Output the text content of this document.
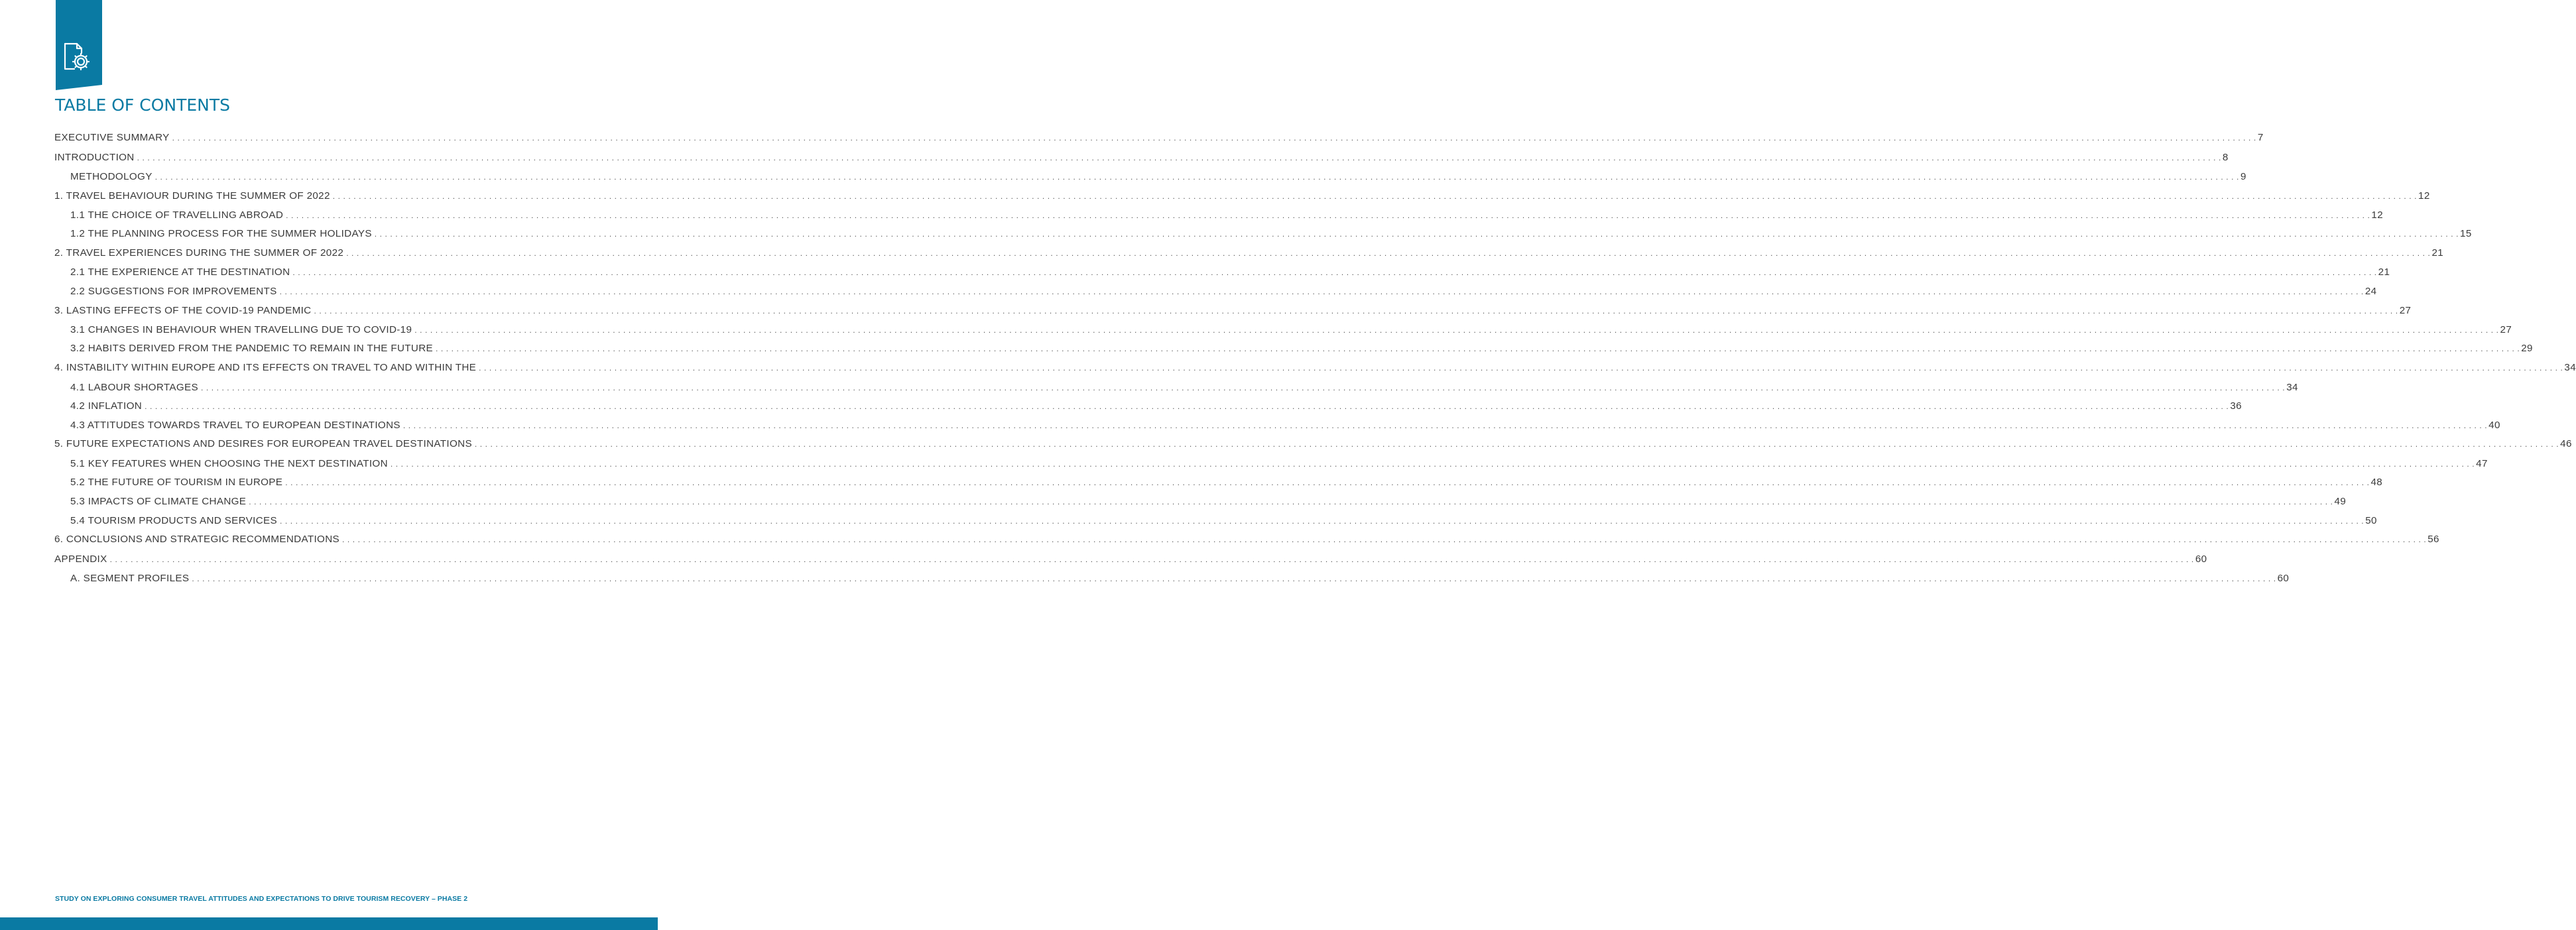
TABLE OF CONTENTS
EXECUTIVE SUMMARY . . . . . . . . . . . . . . . . . . . . . . . . . . . . . . . . . . . . . . . . . . . . . . . . . . . . . . . . . . . . . . . . . . . . . . . . . . . . . . . . . . . . . . . . . . . . . . . . . . . . . . . . . . . . . . . . . . . . . . . . . . . . . . . . . . . . . . . . . . . . . . . . . . . . . . . . . . . . . . . . . . . . . . . . . . . . . . . . . . . . . . . . . . . . . . . . . . . . . . . . . . . . . . . . . . . . . . . . . . . . . . . . . . . . . . . . . . . . . . . . . . . . . . . . . . . . . . . . . . . . . . . . . . . . . . . . . . . . . . . . . . . . . . . . . . . . . . . . . . . . . . . . . . . . . . . . . . . . . . . . . . . . . . . . . . . . . . . . . . . . . . . . . . . . . . . . . . . . . . . . . . . . . . . . . . . . . . . . . . . . . . . . . . . . . . . . . . . . . . . . 7
INTRODUCTION . . . . . . . . . . . . . . . . . . . . . . . . . . . . . . . . . . . . . . . . . . . . . . . . . . . . . . . . . . . . . . . . . . . . . . . . . . . . . . . . . . . . . . . . . . . . . . . . . . . . . . . . . . . . . . . . . . . . . . . . . . . . . . . . . . . . . . . . . . . . . . . . . . . . . . . . . . . . . . . . . . . . . . . . . . . . . . . . . . . . . . . . . . . . . . . . . . . . . . . . . . . . . . . . . . . . . . . . . . . . . . . . . . . . . . . . . . . . . . . . . . . . . . . . . . . . . . . . . . . . . . . . . . . . . . . . . . . . . . . . . . . . . . . . . . . . . . . . . . . . . . . . . . . . . . . . . . . . . . . . . . . . . . . . . . . . . . . . . . . . . . . . . . . . . . . . . . . . . . . . . . . . . . . . . . . . . . . . . . . . . . . . . . . . . . . . . . . . . . . . 8
METHODOLOGY . . . . . . . . . . . . . . . . . . . . . . . . . . . . . . . . . . . . . . . . . . . . . . . . . . . . . . . . . . . . . . . . . . . . . . . . . . . . . . . . . . . . . . . . . . . . . . . . . . . . . . . . . . . . . . . . . . . . . . . . . . . . . . . . . . . . . . . . . . . . . . . . . . . . . . . . . . . . . . . . . . . . . . . . . . . . . . . . . . . . . . . . . . . . . . . . . . . . . . . . . . . . . . . . . . . . . . . . . . . . . . . . . . . . . . . . . . . . . . . . . . . . . . . . . . . . . . . . . . . . . . . . . . . . . . . . . . . . . . . . . . . . . . . . . . . . . . . . . . . . . . . . . . . . . . . . . . . . . . . . . . . . . . . . . . . . . . . . . . . . . . . . . . . . . . . . . . . . . . . . . . . . . . . . . . . . . . . . . . . . . . . . . . . . . . . . . . . . . . . . 9
1. TRAVEL BEHAVIOUR DURING THE SUMMER OF 2022 . . . . . . . . . . . . . . . . . . . . . . . . . . . . . . . . . . . . . . . . . . . . . . . . . . . . . . . . . . . . . . . . . . . . . . . . . . . . . . . . . . . . . . . . . . . . . . . . . . . . . . . . . . . . . . . . . . . . . . . . . . . . . . . . . . . . . . . . . . . . . . . . . . . . . . . . . . . . . . . . . . . . . . . . . . . . . . . . . . . . . . . . . . . . . . . . . . . . . . . . . . . . . . . . . . . . . . . . . . . . . . . . . . . . . . . . . . . . . . . . . . . . . . . . . . . . . . . . . . . . . . . . . . . . . . . . . . . . . . . . . . . . . . . . . . . . . . . . . . . . . . . . . . . . . . . . . . . . . . . . . . . . . . . . . . . . . . . . . . . . . . . . . . . . . . . . . . . . . . . . . . . . . . . . . . . . . . . . . . . . . . . . . . . . . . . . . . . . . . . . 12
1.1 THE CHOICE OF TRAVELLING ABROAD . . . . . . . . . . . . . . . . . . . . . . . . . . . . . . . . . . . . . . . . . . . . . . . . . . . . . . . . . . . . . . . . . . . . . . . . . . . . . . . . . . . . . . . . . . . . . . . . . . . . . . . . . . . . . . . . . . . . . . . . . . . . . . . . . . . . . . . . . . . . . . . . . . . . . . . . . . . . . . . . . . . . . . . . . . . . . . . . . . . . . . . . . . . . . . . . . . . . . . . . . . . . . . . . . . . . . . . . . . . . . . . . . . . . . . . . . . . . . . . . . . . . . . . . . . . . . . . . . . . . . . . . . . . . . . . . . . . . . . . . . . . . . . . . . . . . . . . . . . . . . . . . . . . . . . . . . . . . . . . . . . . . . . . . . . . . . . . . . . . . . . . . . . . . . . . . . . . . . . . . . . . . . . . . . . . . . . . . . . . . . . . . . . . . . . . . . . . . . . . . 12
1.2 THE PLANNING PROCESS FOR THE SUMMER HOLIDAYS . . . . . . . . . . . . . . . . . . . . . . . . . . . . . . . . . . . . . . . . . . . . . . . . . . . . . . . . . . . . . . . . . . . . . . . . . . . . . . . . . . . . . . . . . . . . . . . . . . . . . . . . . . . . . . . . . . . . . . . . . . . . . . . . . . . . . . . . . . . . . . . . . . . . . . . . . . . . . . . . . . . . . . . . . . . . . . . . . . . . . . . . . . . . . . . . . . . . . . . . . . . . . . . . . . . . . . . . . . . . . . . . . . . . . . . . . . . . . . . . . . . . . . . . . . . . . . . . . . . . . . . . . . . . . . . . . . . . . . . . . . . . . . . . . . . . . . . . . . . . . . . . . . . . . . . . . . . . . . . . . . . . . . . . . . . . . . . . . . . . . . . . . . . . . . . . . . . . . . . . . . . . . . . . . . . . . . . . . . . . . . . . . . . . . . . . . . . . . . . . 15
2. TRAVEL EXPERIENCES DURING THE SUMMER OF 2022 . . . . . . . . . . . . . . . . . . . . . . . . . . . . . . . . . . . . . . . . . . . . . . . . . . . . . . . . . . . . . . . . . . . . . . . . . . . . . . . . . . . . . . . . . . . . . . . . . . . . . . . . . . . . . . . . . . . . . . . . . . . . . . . . . . . . . . . . . . . . . . . . . . . . . . . . . . . . . . . . . . . . . . . . . . . . . . . . . . . . . . . . . . . . . . . . . . . . . . . . . . . . . . . . . . . . . . . . . . . . . . . . . . . . . . . . . . . . . . . . . . . . . . . . . . . . . . . . . . . . . . . . . . . . . . . . . . . . . . . . . . . . . . . . . . . . . . . . . . . . . . . . . . . . . . . . . . . . . . . . . . . . . . . . . . . . . . . . . . . . . . . . . . . . . . . . . . . . . . . . . . . . . . . . . . . . . . . . . . . . . . . . . . . . . . . . . . . . . . . . 21
2.1 THE EXPERIENCE AT THE DESTINATION . . . . . . . . . . . . . . . . . . . . . . . . . . . . . . . . . . . . . . . . . . . . . . . . . . . . . . . . . . . . . . . . . . . . . . . . . . . . . . . . . . . . . . . . . . . . . . . . . . . . . . . . . . . . . . . . . . . . . . . . . . . . . . . . . . . . . . . . . . . . . . . . . . . . . . . . . . . . . . . . . . . . . . . . . . . . . . . . . . . . . . . . . . . . . . . . . . . . . . . . . . . . . . . . . . . . . . . . . . . . . . . . . . . . . . . . . . . . . . . . . . . . . . . . . . . . . . . . . . . . . . . . . . . . . . . . . . . . . . . . . . . . . . . . . . . . . . . . . . . . . . . . . . . . . . . . . . . . . . . . . . . . . . . . . . . . . . . . . . . . . . . . . . . . . . . . . . . . . . . . . . . . . . . . . . . . . . . . . . . . . . . . . . . . . . . . . . . . . . . . 21
2.2 SUGGESTIONS FOR IMPROVEMENTS . . . . . . . . . . . . . . . . . . . . . . . . . . . . . . . . . . . . . . . . . . . . . . . . . . . . . . . . . . . . . . . . . . . . . . . . . . . . . . . . . . . . . . . . . . . . . . . . . . . . . . . . . . . . . . . . . . . . . . . . . . . . . . . . . . . . . . . . . . . . . . . . . . . . . . . . . . . . . . . . . . . . . . . . . . . . . . . . . . . . . . . . . . . . . . . . . . . . . . . . . . . . . . . . . . . . . . . . . . . . . . . . . . . . . . . . . . . . . . . . . . . . . . . . . . . . . . . . . . . . . . . . . . . . . . . . . . . . . . . . . . . . . . . . . . . . . . . . . . . . . . . . . . . . . . . . . . . . . . . . . . . . . . . . . . . . . . . . . . . . . . . . . . . . . . . . . . . . . . . . . . . . . . . . . . . . . . . . . . . . . . . . . . . . . . . . . . . . . . . . 24
3. LASTING EFFECTS OF THE COVID-19 PANDEMIC . . . . . . . . . . . . . . . . . . . . . . . . . . . . . . . . . . . . . . . . . . . . . . . . . . . . . . . . . . . . . . . . . . . . . . . . . . . . . . . . . . . . . . . . . . . . . . . . . . . . . . . . . . . . . . . . . . . . . . . . . . . . . . . . . . . . . . . . . . . . . . . . . . . . . . . . . . . . . . . . . . . . . . . . . . . . . . . . . . . . . . . . . . . . . . . . . . . . . . . . . . . . . . . . . . . . . . . . . . . . . . . . . . . . . . . . . . . . . . . . . . . . . . . . . . . . . . . . . . . . . . . . . . . . . . . . . . . . . . . . . . . . . . . . . . . . . . . . . . . . . . . . . . . . . . . . . . . . . . . . . . . . . . . . . . . . . . . . . . . . . . . . . . . . . . . . . . . . . . . . . . . . . . . . . . . . . . . . . . . . . . . . . . . . . . . . . . . . . . . . 27
3.1 CHANGES IN BEHAVIOUR WHEN TRAVELLING DUE TO COVID-19 . . . . . . . . . . . . . . . . . . . . . . . . . . . . . . . . . . . . . . . . . . . . . . . . . . . . . . . . . . . . . . . . . . . . . . . . . . . . . . . . . . . . . . . . . . . . . . . . . . . . . . . . . . . . . . . . . . . . . . . . . . . . . . . . . . . . . . . . . . . . . . . . . . . . . . . . . . . . . . . . . . . . . . . . . . . . . . . . . . . . . . . . . . . . . . . . . . . . . . . . . . . . . . . . . . . . . . . . . . . . . . . . . . . . . . . . . . . . . . . . . . . . . . . . . . . . . . . . . . . . . . . . . . . . . . . . . . . . . . . . . . . . . . . . . . . . . . . . . . . . . . . . . . . . . . . . . . . . . . . . . . . . . . . . . . . . . . . . . . . . . . . . . . . . . . . . . . . . . . . . . . . . . . . . . . . . . . . . . . . . . . . . . . . . . . . . . . . . . . . . 27
3.2 HABITS DERIVED FROM THE PANDEMIC TO REMAIN IN THE FUTURE . . . . . . . . . . . . . . . . . . . . . . . . . . . . . . . . . . . . . . . . . . . . . . . . . . . . . . . . . . . . . . . . . . . . . . . . . . . . . . . . . . . . . . . . . . . . . . . . . . . . . . . . . . . . . . . . . . . . . . . . . . . . . . . . . . . . . . . . . . . . . . . . . . . . . . . . . . . . . . . . . . . . . . . . . . . . . . . . . . . . . . . . . . . . . . . . . . . . . . . . . . . . . . . . . . . . . . . . . . . . . . . . . . . . . . . . . . . . . . . . . . . . . . . . . . . . . . . . . . . . . . . . . . . . . . . . . . . . . . . . . . . . . . . . . . . . . . . . . . . . . . . . . . . . . . . . . . . . . . . . . . . . . . . . . . . . . . . . . . . . . . . . . . . . . . . . . . . . . . . . . . . . . . . . . . . . . . . . . . . . . . . . . . . . . . . . . . . . . . . . 29
4. INSTABILITY WITHIN EUROPE AND ITS EFFECTS ON TRAVEL TO AND WITHIN THE . . . . . . . . . . . . . . . . . . . . . . . . . . . . . . . . . . . . . . . . . . . . . . . . . . . . . . . . . . . . . . . . . . . . . . . . . . . . . . . . . . . . . . . . . . . . . . . . . . . . . . . . . . . . . . . . . . . . . . . . . . . . . . . . . . . . . . . . . . . . . . . . . . . . . . . . . . . . . . . . . . . . . . . . . . . . . . . . . . . . . . . . . . . . . . . . . . . . . . . . . . . . . . . . . . . . . . . . . . . . . . . . . . . . . . . . . . . . . . . . . . . . . . . . . . . . . . . . . . . . . . . . . . . . . . . . . . . . . . . . . . . . . . . . . . . . . . . . . . . . . . . . . . . . . . . . . . . . . . . . . . . . . . . . . . . . . . . . . . . . . . . . . . . . . . . . . . . . . . . . . . . . . . . . . . . . . . . . . . . . . . . . . . . . . . . . . . . . . . . . 34
4.1 LABOUR SHORTAGES . . . . . . . . . . . . . . . . . . . . . . . . . . . . . . . . . . . . . . . . . . . . . . . . . . . . . . . . . . . . . . . . . . . . . . . . . . . . . . . . . . . . . . . . . . . . . . . . . . . . . . . . . . . . . . . . . . . . . . . . . . . . . . . . . . . . . . . . . . . . . . . . . . . . . . . . . . . . . . . . . . . . . . . . . . . . . . . . . . . . . . . . . . . . . . . . . . . . . . . . . . . . . . . . . . . . . . . . . . . . . . . . . . . . . . . . . . . . . . . . . . . . . . . . . . . . . . . . . . . . . . . . . . . . . . . . . . . . . . . . . . . . . . . . . . . . . . . . . . . . . . . . . . . . . . . . . . . . . . . . . . . . . . . . . . . . . . . . . . . . . . . . . . . . . . . . . . . . . . . . . . . . . . . . . . . . . . . . . . . . . . . . . . . . . . . . . . . . . . . . 34
4.2 INFLATION . . . . . . . . . . . . . . . . . . . . . . . . . . . . . . . . . . . . . . . . . . . . . . . . . . . . . . . . . . . . . . . . . . . . . . . . . . . . . . . . . . . . . . . . . . . . . . . . . . . . . . . . . . . . . . . . . . . . . . . . . . . . . . . . . . . . . . . . . . . . . . . . . . . . . . . . . . . . . . . . . . . . . . . . . . . . . . . . . . . . . . . . . . . . . . . . . . . . . . . . . . . . . . . . . . . . . . . . . . . . . . . . . . . . . . . . . . . . . . . . . . . . . . . . . . . . . . . . . . . . . . . . . . . . . . . . . . . . . . . . . . . . . . . . . . . . . . . . . . . . . . . . . . . . . . . . . . . . . . . . . . . . . . . . . . . . . . . . . . . . . . . . . . . . . . . . . . . . . . . . . . . . . . . . . . . . . . . . . . . . . . . . . . . . . . . . . . . . . . . . 36
4.3 ATTITUDES TOWARDS TRAVEL TO EUROPEAN DESTINATIONS . . . . . . . . . . . . . . . . . . . . . . . . . . . . . . . . . . . . . . . . . . . . . . . . . . . . . . . . . . . . . . . . . . . . . . . . . . . . . . . . . . . . . . . . . . . . . . . . . . . . . . . . . . . . . . . . . . . . . . . . . . . . . . . . . . . . . . . . . . . . . . . . . . . . . . . . . . . . . . . . . . . . . . . . . . . . . . . . . . . . . . . . . . . . . . . . . . . . . . . . . . . . . . . . . . . . . . . . . . . . . . . . . . . . . . . . . . . . . . . . . . . . . . . . . . . . . . . . . . . . . . . . . . . . . . . . . . . . . . . . . . . . . . . . . . . . . . . . . . . . . . . . . . . . . . . . . . . . . . . . . . . . . . . . . . . . . . . . . . . . . . . . . . . . . . . . . . . . . . . . . . . . . . . . . . . . . . . . . . . . . . . . . . . . . . . . . . . . . . . . 40
5. FUTURE EXPECTATIONS AND DESIRES FOR EUROPEAN TRAVEL DESTINATIONS . . . . . . . . . . . . . . . . . . . . . . . . . . . . . . . . . . . . . . . . . . . . . . . . . . . . . . . . . . . . . . . . . . . . . . . . . . . . . . . . . . . . . . . . . . . . . . . . . . . . . . . . . . . . . . . . . . . . . . . . . . . . . . . . . . . . . . . . . . . . . . . . . . . . . . . . . . . . . . . . . . . . . . . . . . . . . . . . . . . . . . . . . . . . . . . . . . . . . . . . . . . . . . . . . . . . . . . . . . . . . . . . . . . . . . . . . . . . . . . . . . . . . . . . . . . . . . . . . . . . . . . . . . . . . . . . . . . . . . . . . . . . . . . . . . . . . . . . . . . . . . . . . . . . . . . . . . . . . . . . . . . . . . . . . . . . . . . . . . . . . . . . . . . . . . . . . . . . . . . . . . . . . . . . . . . . . . . . . . . . . . . . . . . . . . . . . . . . . . . . 46
5.1 KEY FEATURES WHEN CHOOSING THE NEXT DESTINATION . . . . . . . . . . . . . . . . . . . . . . . . . . . . . . . . . . . . . . . . . . . . . . . . . . . . . . . . . . . . . . . . . . . . . . . . . . . . . . . . . . . . . . . . . . . . . . . . . . . . . . . . . . . . . . . . . . . . . . . . . . . . . . . . . . . . . . . . . . . . . . . . . . . . . . . . . . . . . . . . . . . . . . . . . . . . . . . . . . . . . . . . . . . . . . . . . . . . . . . . . . . . . . . . . . . . . . . . . . . . . . . . . . . . . . . . . . . . . . . . . . . . . . . . . . . . . . . . . . . . . . . . . . . . . . . . . . . . . . . . . . . . . . . . . . . . . . . . . . . . . . . . . . . . . . . . . . . . . . . . . . . . . . . . . . . . . . . . . . . . . . . . . . . . . . . . . . . . . . . . . . . . . . . . . . . . . . . . . . . . . . . . . . . . . . . . . . . . . . . . 47
5.2 THE FUTURE OF TOURISM IN EUROPE . . . . . . . . . . . . . . . . . . . . . . . . . . . . . . . . . . . . . . . . . . . . . . . . . . . . . . . . . . . . . . . . . . . . . . . . . . . . . . . . . . . . . . . . . . . . . . . . . . . . . . . . . . . . . . . . . . . . . . . . . . . . . . . . . . . . . . . . . . . . . . . . . . . . . . . . . . . . . . . . . . . . . . . . . . . . . . . . . . . . . . . . . . . . . . . . . . . . . . . . . . . . . . . . . . . . . . . . . . . . . . . . . . . . . . . . . . . . . . . . . . . . . . . . . . . . . . . . . . . . . . . . . . . . . . . . . . . . . . . . . . . . . . . . . . . . . . . . . . . . . . . . . . . . . . . . . . . . . . . . . . . . . . . . . . . . . . . . . . . . . . . . . . . . . . . . . . . . . . . . . . . . . . . . . . . . . . . . . . . . . . . . . . . . . . . . . . . . . . . . 48
5.3 IMPACTS OF CLIMATE CHANGE . . . . . . . . . . . . . . . . . . . . . . . . . . . . . . . . . . . . . . . . . . . . . . . . . . . . . . . . . . . . . . . . . . . . . . . . . . . . . . . . . . . . . . . . . . . . . . . . . . . . . . . . . . . . . . . . . . . . . . . . . . . . . . . . . . . . . . . . . . . . . . . . . . . . . . . . . . . . . . . . . . . . . . . . . . . . . . . . . . . . . . . . . . . . . . . . . . . . . . . . . . . . . . . . . . . . . . . . . . . . . . . . . . . . . . . . . . . . . . . . . . . . . . . . . . . . . . . . . . . . . . . . . . . . . . . . . . . . . . . . . . . . . . . . . . . . . . . . . . . . . . . . . . . . . . . . . . . . . . . . . . . . . . . . . . . . . . . . . . . . . . . . . . . . . . . . . . . . . . . . . . . . . . . . . . . . . . . . . . . . . . . . . . . . . . . . . . . . . . . . 49
5.4 TOURISM PRODUCTS AND SERVICES . . . . . . . . . . . . . . . . . . . . . . . . . . . . . . . . . . . . . . . . . . . . . . . . . . . . . . . . . . . . . . . . . . . . . . . . . . . . . . . . . . . . . . . . . . . . . . . . . . . . . . . . . . . . . . . . . . . . . . . . . . . . . . . . . . . . . . . . . . . . . . . . . . . . . . . . . . . . . . . . . . . . . . . . . . . . . . . . . . . . . . . . . . . . . . . . . . . . . . . . . . . . . . . . . . . . . . . . . . . . . . . . . . . . . . . . . . . . . . . . . . . . . . . . . . . . . . . . . . . . . . . . . . . . . . . . . . . . . . . . . . . . . . . . . . . . . . . . . . . . . . . . . . . . . . . . . . . . . . . . . . . . . . . . . . . . . . . . . . . . . . . . . . . . . . . . . . . . . . . . . . . . . . . . . . . . . . . . . . . . . . . . . . . . . . . . . . . . . . . . 50
6. CONCLUSIONS AND STRATEGIC RECOMMENDATIONS . . . . . . . . . . . . . . . . . . . . . . . . . . . . . . . . . . . . . . . . . . . . . . . . . . . . . . . . . . . . . . . . . . . . . . . . . . . . . . . . . . . . . . . . . . . . . . . . . . . . . . . . . . . . . . . . . . . . . . . . . . . . . . . . . . . . . . . . . . . . . . . . . . . . . . . . . . . . . . . . . . . . . . . . . . . . . . . . . . . . . . . . . . . . . . . . . . . . . . . . . . . . . . . . . . . . . . . . . . . . . . . . . . . . . . . . . . . . . . . . . . . . . . . . . . . . . . . . . . . . . . . . . . . . . . . . . . . . . . . . . . . . . . . . . . . . . . . . . . . . . . . . . . . . . . . . . . . . . . . . . . . . . . . . . . . . . . . . . . . . . . . . . . . . . . . . . . . . . . . . . . . . . . . . . . . . . . . . . . . . . . . . . . . . . . . . . . . . . . . . 56
APPENDIX . . . . . . . . . . . . . . . . . . . . . . . . . . . . . . . . . . . . . . . . . . . . . . . . . . . . . . . . . . . . . . . . . . . . . . . . . . . . . . . . . . . . . . . . . . . . . . . . . . . . . . . . . . . . . . . . . . . . . . . . . . . . . . . . . . . . . . . . . . . . . . . . . . . . . . . . . . . . . . . . . . . . . . . . . . . . . . . . . . . . . . . . . . . . . . . . . . . . . . . . . . . . . . . . . . . . . . . . . . . . . . . . . . . . . . . . . . . . . . . . . . . . . . . . . . . . . . . . . . . . . . . . . . . . . . . . . . . . . . . . . . . . . . . . . . . . . . . . . . . . . . . . . . . . . . . . . . . . . . . . . . . . . . . . . . . . . . . . . . . . . . . . . . . . . . . . . . . . . . . . . . . . . . . . . . . . . . . . . . . . . . . . . . . . . . . . . . . . . . . . 60
A. SEGMENT PROFILES . . . . . . . . . . . . . . . . . . . . . . . . . . . . . . . . . . . . . . . . . . . . . . . . . . . . . . . . . . . . . . . . . . . . . . . . . . . . . . . . . . . . . . . . . . . . . . . . . . . . . . . . . . . . . . . . . . . . . . . . . . . . . . . . . . . . . . . . . . . . . . . . . . . . . . . . . . . . . . . . . . . . . . . . . . . . . . . . . . . . . . . . . . . . . . . . . . . . . . . . . . . . . . . . . . . . . . . . . . . . . . . . . . . . . . . . . . . . . . . . . . . . . . . . . . . . . . . . . . . . . . . . . . . . . . . . . . . . . . . . . . . . . . . . . . . . . . . . . . . . . . . . . . . . . . . . . . . . . . . . . . . . . . . . . . . . . . . . . . . . . . . . . . . . . . . . . . . . . . . . . . . . . . . . . . . . . . . . . . . . . . . . . . . . . . . . . . . . . . . . 60
STUDY ON EXPLORING CONSUMER TRAVEL ATTITUDES AND EXPECTATIONS TO DRIVE TOURISM RECOVERY – PHASE 2
